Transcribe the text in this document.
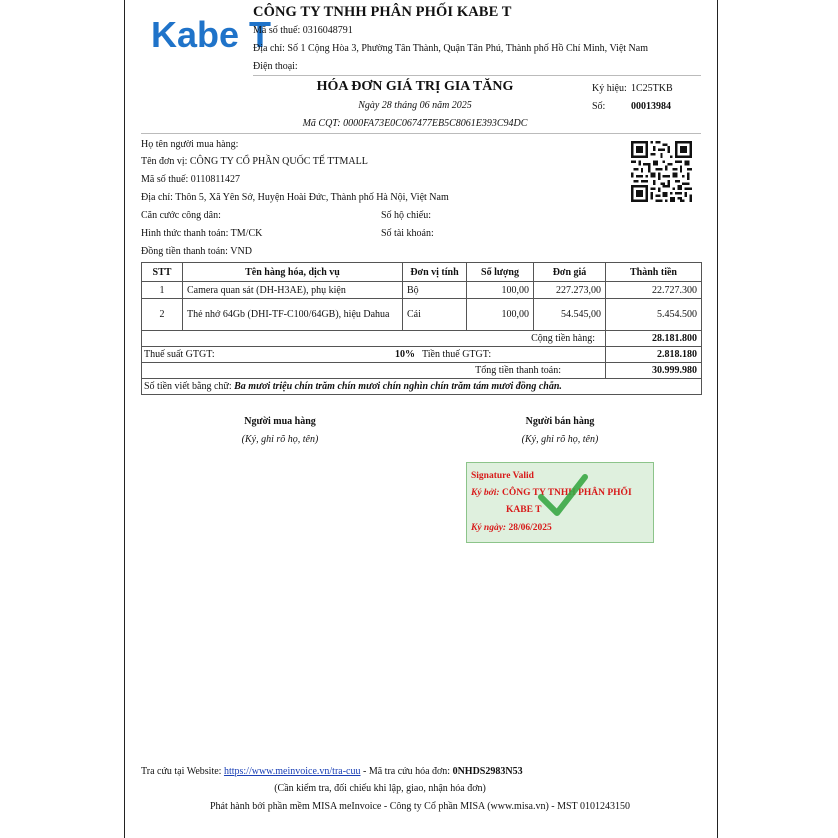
Kabe T
CÔNG TY TNHH PHÂN PHỐI KABE T
Mã số thuế: 0316048791
Địa chỉ: Số 1 Cộng Hòa 3, Phường Tân Thành, Quận Tân Phú, Thành phố Hồ Chí Minh, Việt Nam
Điện thoại:
HÓA ĐƠN GIÁ TRỊ GIA TĂNG
Ngày 28 tháng 06 năm 2025
Mã CQT: 0000FA73E0C067477EB5C8061E393C94DC
Ký hiệu: 1C25TKB
Số:	00013984
Họ tên người mua hàng:
Tên đơn vị: CÔNG TY CỔ PHẦN QUỐC TẾ TTMALL
Mã số thuế: 0110811427
Địa chỉ: Thôn 5, Xã Yên Sở, Huyện Hoài Đức, Thành phố Hà Nội, Việt Nam
Căn cước công dân:	Số hộ chiếu:
Hình thức thanh toán: TM/CK	Số tài khoản:
Đồng tiền thanh toán: VND
STT	Tên hàng hóa, dịch vụ	Đơn vị tính	Số lượng	Đơn giá	Thành tiền
1	Camera quan sát (DH-H3AE), phụ kiện	Bộ	100,00	227.273,00	22.727.300
2	Thẻ nhớ 64Gb (DHI-TF-C100/64GB), hiệu Dahua	Cái	100,00	54.545,00	5.454.500
Cộng tiền hàng:					28.181.800

Thuế suất GTGT: 10% Tiền thuế GTGT:					2.818.180
Tổng tiền thanh toán:					30.999.980
Số tiền viết bằng chữ: Ba mươi triệu chín trăm chín mươi chín nghìn chín trăm tám mươi đồng chẵn.					
Người mua hàng
(Ký, ghi rõ họ, tên)
Người bán hàng
(Ký, ghi rõ họ, tên)
Signature Valid
Ký bởi: CÔNG TY TNHH PHÂN PHỐI
KABE T
Ký ngày: 28/06/2025
Tra cứu tại Website: https://www.meinvoice.vn/tra-cuu - Mã tra cứu hóa đơn: 0NHDS2983N53
(Cần kiểm tra, đối chiếu khi lập, giao, nhận hóa đơn)
Phát hành bởi phần mềm MISA meInvoice - Công ty Cổ phần MISA (www.misa.vn) - MST 0101243150
